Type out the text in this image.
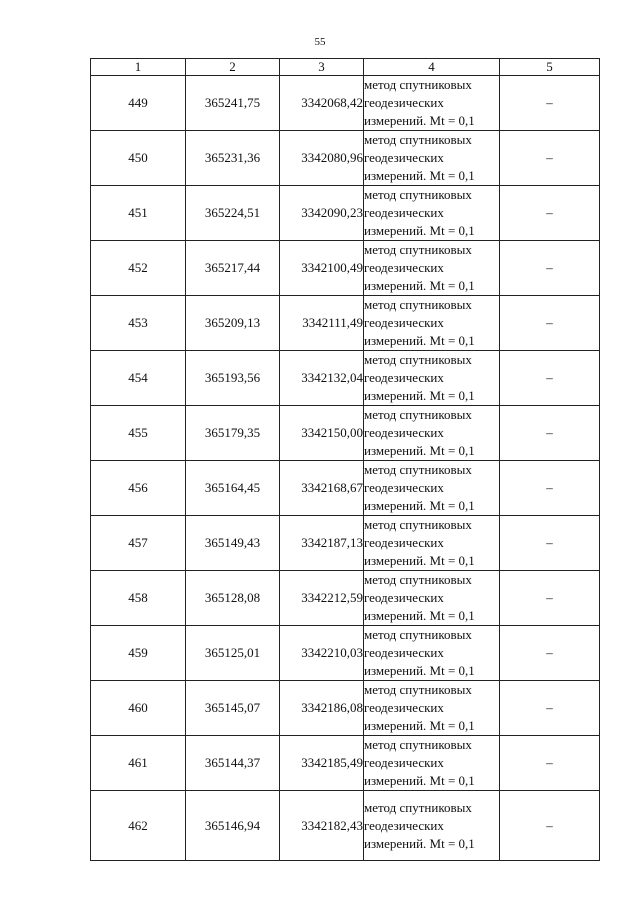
55
1	2	3	4	5
449	365241,75	3342068,42	метод спутниковых геодезических измерений. Mt = 0,1	–
450	365231,36	3342080,96	метод спутниковых геодезических измерений. Mt = 0,1	–
451	365224,51	3342090,23	метод спутниковых геодезических измерений. Mt = 0,1	–
452	365217,44	3342100,49	метод спутниковых геодезических измерений. Mt = 0,1	–
453	365209,13	3342111,49	метод спутниковых геодезических измерений. Mt = 0,1	–
454	365193,56	3342132,04	метод спутниковых геодезических измерений. Mt = 0,1	–
455	365179,35	3342150,00	метод спутниковых геодезических измерений. Mt = 0,1	–
456	365164,45	3342168,67	метод спутниковых геодезических измерений. Mt = 0,1	–
457	365149,43	3342187,13	метод спутниковых геодезических измерений. Mt = 0,1	–
458	365128,08	3342212,59	метод спутниковых геодезических измерений. Mt = 0,1	–
459	365125,01	3342210,03	метод спутниковых геодезических измерений. Mt = 0,1	–
460	365145,07	3342186,08	метод спутниковых геодезических измерений. Mt = 0,1	–
461	365144,37	3342185,49	метод спутниковых геодезических измерений. Mt = 0,1	–
462	365146,94	3342182,43	метод спутниковых геодезических измерений. Mt = 0,1	–
